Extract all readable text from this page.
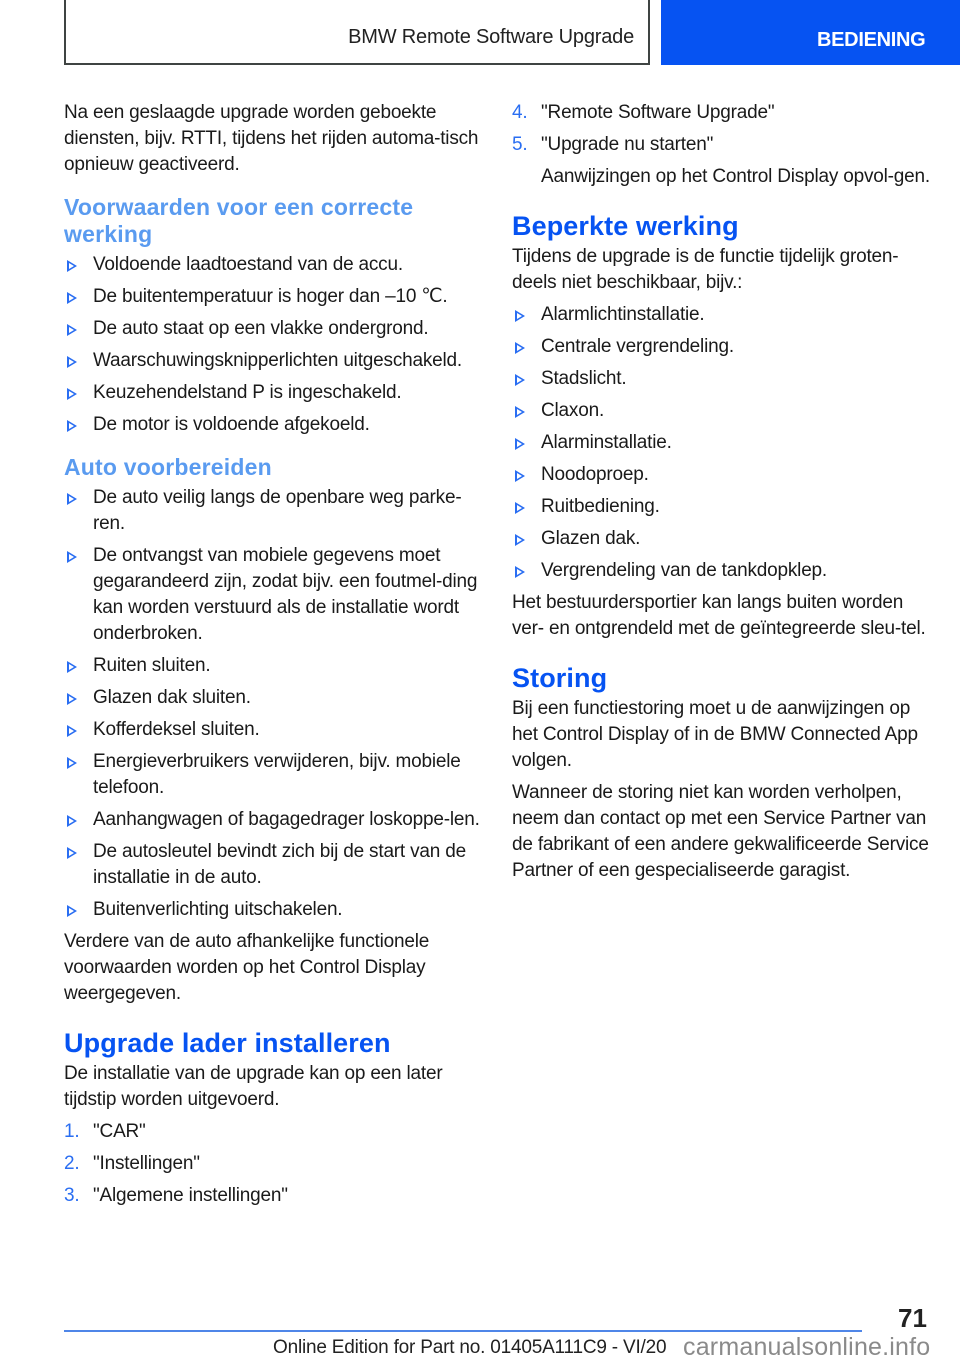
BMW Remote Software Upgrade	BEDIENING

Na een geslaagde upgrade worden geboekte diensten, bijv. RTTI, tijdens het rijden automa-tisch opnieuw geactiveerd.

Voorwaarden voor een correcte werking
Voldoende laadtoestand van de accu.
De buitentemperatuur is hoger dan –10 ℃.
De auto staat op een vlakke ondergrond.
Waarschuwingsknipperlichten uitgeschakeld.
Keuzehendelstand P is ingeschakeld.
De motor is voldoende afgekoeld.
Auto voorbereiden
De auto veilig langs de openbare weg parke-ren.
De ontvangst van mobiele gegevens moet gegarandeerd zijn, zodat bijv. een foutmel-ding kan worden verstuurd als de installatie wordt onderbroken.
Ruiten sluiten.
Glazen dak sluiten.
Kofferdeksel sluiten.
Energieverbruikers verwijderen, bijv. mobiele telefoon.
Aanhangwagen of bagagedrager loskoppe-len.
De autosleutel bevindt zich bij de start van de installatie in de auto.
Buitenverlichting uitschakelen.

Verdere van de auto afhankelijke functionele voorwaarden worden op het Control Display weergegeven.

Upgrade lader installeren

De installatie van de upgrade kan op een later tijdstip worden uitgevoerd.

1. "CAR"
2. "Instellingen"
3. "Algemene instellingen"
4. "Remote Software Upgrade"
5. "Upgrade nu starten"
Aanwijzingen op het Control Display opvol-gen.
Beperkte werking

Tijdens de upgrade is de functie tijdelijk groten-deels niet beschikbaar, bijv.:

Alarmlichtinstallatie.
Centrale vergrendeling.
Stadslicht.
Claxon.
Alarminstallatie.
Noodoproep.
Ruitbediening.
Glazen dak.
Vergrendeling van de tankdopklep.

Het bestuurdersportier kan langs buiten worden ver- en ontgrendeld met de geïntegreerde sleu-tel.

Storing

Bij een functiestoring moet u de aanwijzingen op het Control Display of in de BMW Connected App volgen.

Wanneer de storing niet kan worden verholpen, neem dan contact op met een Service Partner van de fabrikant of een andere gekwalificeerde Service Partner of een gespecialiseerde garagist.

71
Online Edition for Part no. 01405A111C9 - VI/20 carmanualsonline.info
